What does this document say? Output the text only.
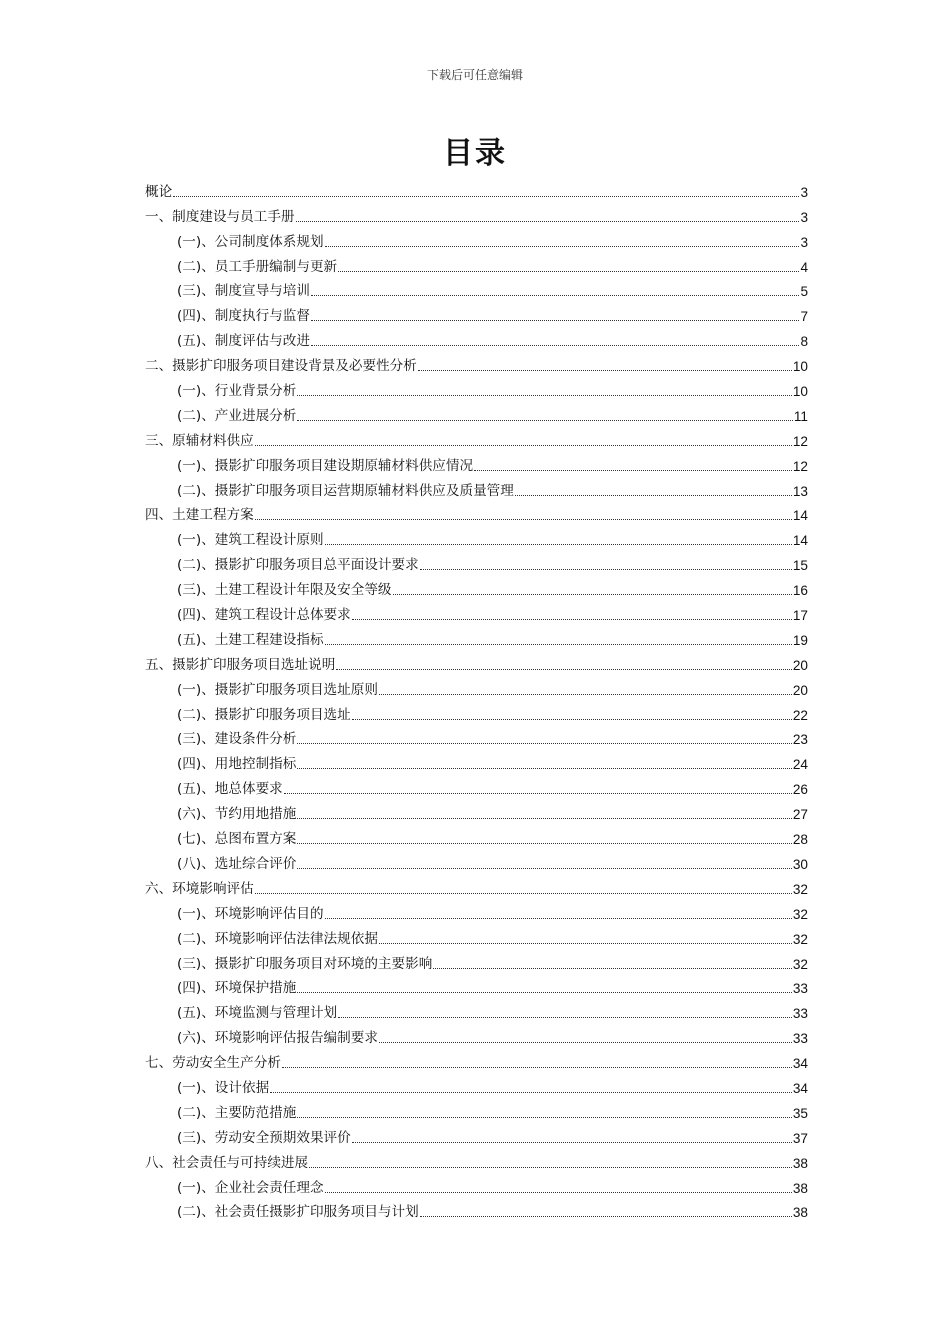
下载后可任意编辑
目录
概论	3
一、制度建设与员工手册	3
(一)、公司制度体系规划	3
(二)、员工手册编制与更新	4
(三)、制度宣导与培训	5
(四)、制度执行与监督	7
(五)、制度评估与改进	8
二、摄影扩印服务项目建设背景及必要性分析	10
(一)、行业背景分析	10
(二)、产业进展分析	11
三、原辅材料供应	12
(一)、摄影扩印服务项目建设期原辅材料供应情况	12
(二)、摄影扩印服务项目运营期原辅材料供应及质量管理	13
四、土建工程方案	14
(一)、建筑工程设计原则	14
(二)、摄影扩印服务项目总平面设计要求	15
(三)、土建工程设计年限及安全等级	16
(四)、建筑工程设计总体要求	17
(五)、土建工程建设指标	19
五、摄影扩印服务项目选址说明	20
(一)、摄影扩印服务项目选址原则	20
(二)、摄影扩印服务项目选址	22
(三)、建设条件分析	23
(四)、用地控制指标	24
(五)、地总体要求	26
(六)、节约用地措施	27
(七)、总图布置方案	28
(八)、选址综合评价	30
六、环境影响评估	32
(一)、环境影响评估目的	32
(二)、环境影响评估法律法规依据	32
(三)、摄影扩印服务项目对环境的主要影响	32
(四)、环境保护措施	33
(五)、环境监测与管理计划	33
(六)、环境影响评估报告编制要求	33
七、劳动安全生产分析	34
(一)、设计依据	34
(二)、主要防范措施	35
(三)、劳动安全预期效果评价	37
八、社会责任与可持续进展	38
(一)、企业社会责任理念	38
(二)、社会责任摄影扩印服务项目与计划	38
